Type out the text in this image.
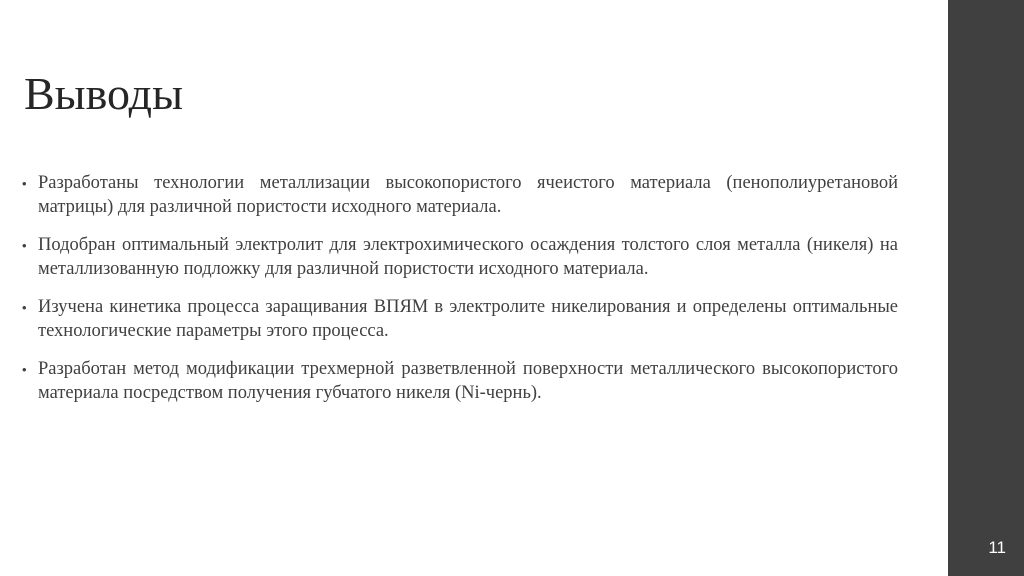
Выводы
• Разработаны технологии металлизации высокопористого ячеистого материала (пенополиуретановой матрицы) для различной пористости исходного материала.
• Подобран оптимальный электролит для электрохимического осаждения толстого слоя металла (никеля) на металлизованную подложку для различной пористости исходного материала.
• Изучена кинетика процесса заращивания ВПЯМ в электролите никелирования и определены оптимальные технологические параметры этого процесса.
• Разработан метод модификации трехмерной разветвленной поверхности металлического высокопористого материала посредством получения губчатого никеля (Ni-чернь).
11
